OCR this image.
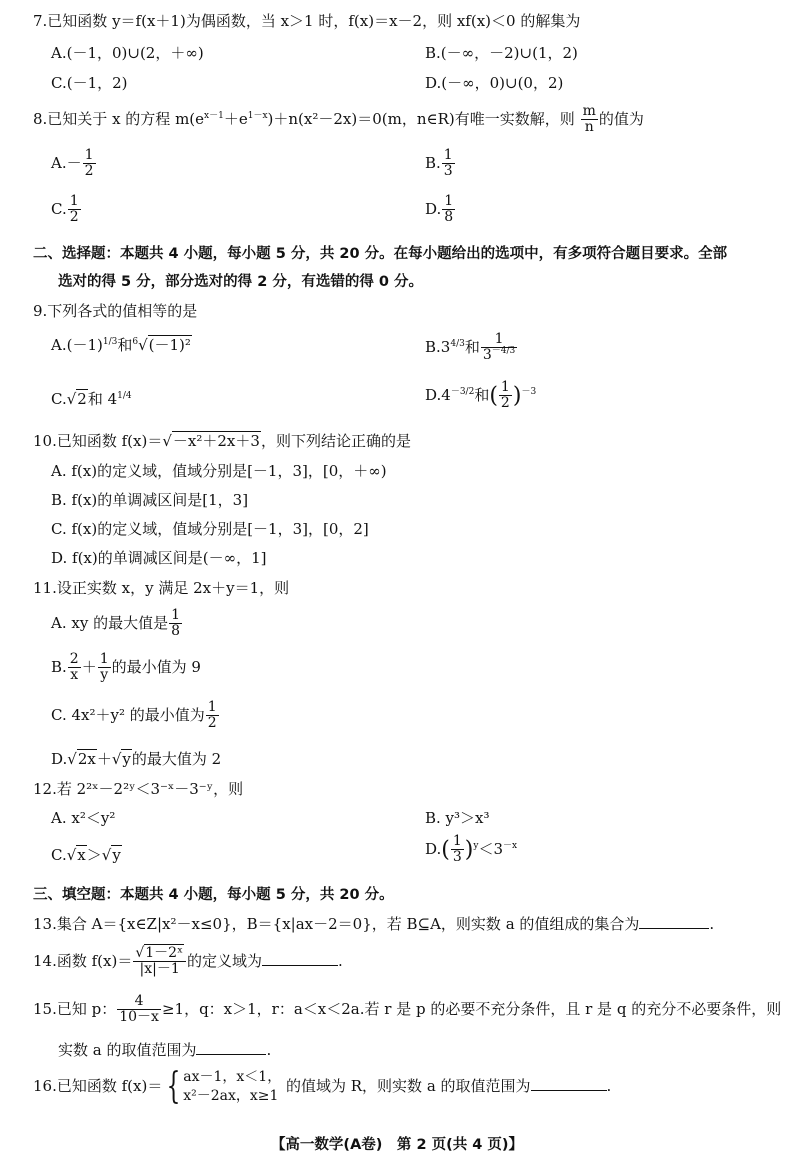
7.已知函数 y＝f(x＋1)为偶函数，当 x＞1 时，f(x)＝x－2，则 xf(x)＜0 的解集为
A.(－1，0)∪(2，＋∞)	B.(－∞，－2)∪(1，2)
C.(－1，2)	D.(－∞，0)∪(0，2)
8.已知关于 x 的方程 $m(e^{x-1}+e^{1-x})+n(x^2-2x)=0(m$，n∈R)有唯一实数解，则 $\frac{m}{n}$ 的值为
$A.- \frac{1}{2}$	B. $\frac{1}{3}$
C. $\frac{1}{2}$	D. $\frac{1}{8}$
二、选择题：本题共 4 小题，每小题 5 分，共 20 分。在每小题给出的选项中，有多项符合题目要求。全部
选对的得 5 分，部分选对的得 2 分，有选错的得 0 分。
9.下列各式的值相等的是
$A.(-1)^{1/3}$和$^6$√(－1)²	$B.3^{4/3}$和 $\frac{1}{3^{-4/3}}$
C.√2和 $4^{1/4}$	$D.4^{-3/2}$和( $\frac{1}{2} )^{-3}$
10.已知函数 f(x)＝√－x²＋2x＋3，则下列结论正确的是
A. f(x)的定义域，值域分别是[－1，3]，[0，＋∞)
B. f(x)的单调减区间是[1，3]
C. f(x)的定义域，值域分别是[－1，3]，[0，2]
D. f(x)的单调减区间是(－∞，1]
11.设正实数 x，y 满足 2x＋y＝1，则
A. xy 的最大值是 $\frac{1}{8}$
B. $\frac{2}{x} + \frac{1}{y}$ 的最小值为 9
C. 4x²＋y² 的最小值为 $\frac{1}{2}$
D.√2x＋√y的最大值为 2
12.若 2²ˣ－2²ʸ＜3⁻ˣ－3⁻ʸ，则
A. x²＜y²	B. y³＞x³
C.√x＞√y	$D.( \frac{1}{3} )^y<3^{-x}$
三、填空题：本题共 4 小题，每小题 5 分，共 20 分。
13.集合 A＝{x∈Z|x²－x≤0}，B＝{x|ax－2＝0}，若 B⊆A，则实数 a 的值组成的集合为	.
14.函数 $f(x)= \frac{\text{√1－2ˣ}}{|x|-1}$ 的定义域为	.
15.已知 p： $\frac{4}{10-x} \ge 1$，q：x＞1，r：a＜x＜2a.若 r 是 p 的必要不充分条件，且 r 是 q 的充分不必要条件，则
实数 a 的取值范围为	.
16.已知函数 f(x)＝ { ax－1，x＜1，
x²－2ax，x≥1
的值域为 R，则实数 a 的取值范围为	.
【高一数学(A卷)　第 2 页(共 4 页)】
